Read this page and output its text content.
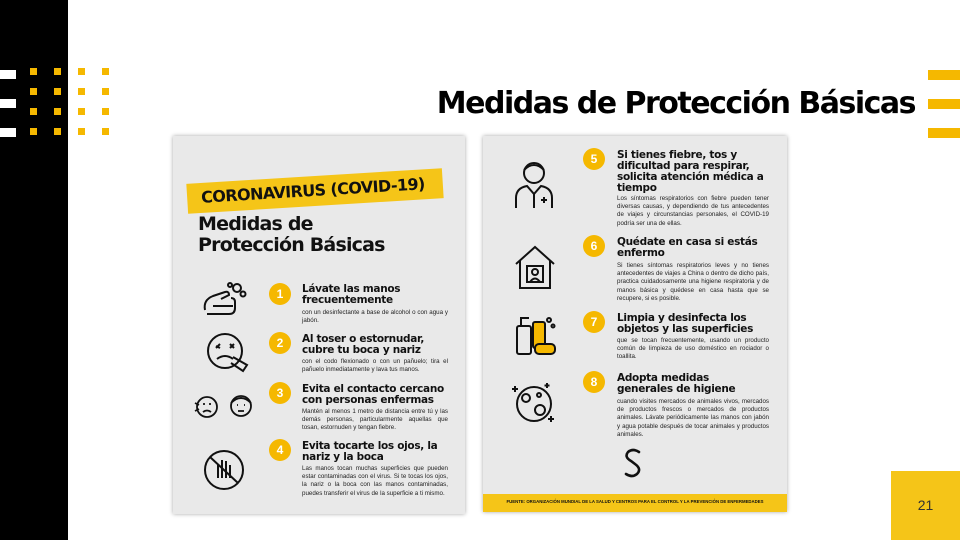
Medidas de Protección Básicas
CORONAVIRUS (COVID-19)
Medidas de
Protección Básicas
1	Lávate las manos
frecuentemente
con un desinfectante a base de alcohol o con agua y jabón.
2	Al toser o estornudar,
cubre tu boca y nariz
con el codo flexionado o con un pañuelo; tira el pañuelo inmediatamente y lava tus manos.
3	Evita el contacto cercano
con personas enfermas
Mantén al menos 1 metro de distancia entre tú y las demás personas, particularmente aquellas que tosan, estornuden y tengan fiebre.
4	Evita tocarte los ojos, la
nariz y la boca
Las manos tocan muchas superficies que pueden estar contaminadas con el virus. Si te tocas los ojos, la nariz o la boca con las manos contaminadas, puedes transferir el virus de la superficie a ti mismo.
5	Si tienes fiebre, tos y
dificultad para respirar,
solicita atención médica a
tiempo
Los síntomas respiratorios con fiebre pueden tener diversas causas, y dependiendo de tus antecedentes de viajes y circunstancias personales, el COVID-19 podría ser una de ellas.
6	Quédate en casa si estás
enfermo
Si tienes síntomas respiratorios leves y no tienes antecedentes de viajes a China o dentro de dicho país, practica cuidadosamente una higiene respiratoria y de manos básica y quédese en casa hasta que se recupere, si es posible.
7	Limpia y desinfecta los
objetos y las superficies
que se tocan frecuentemente, usando un producto común de limpieza de uso doméstico en rociador o toallita.
8	Adopta medidas
generales de higiene
cuando visites mercados de animales vivos, mercados de productos frescos o mercados de productos animales. Lávate periódicamente las manos con jabón y agua potable después de tocar animales y productos animales.
FUENTE: ORGANIZACIÓN MUNDIAL DE LA SALUD Y CENTROS PARA EL CONTROL Y LA PREVENCIÓN DE ENFERMEDADES	21
